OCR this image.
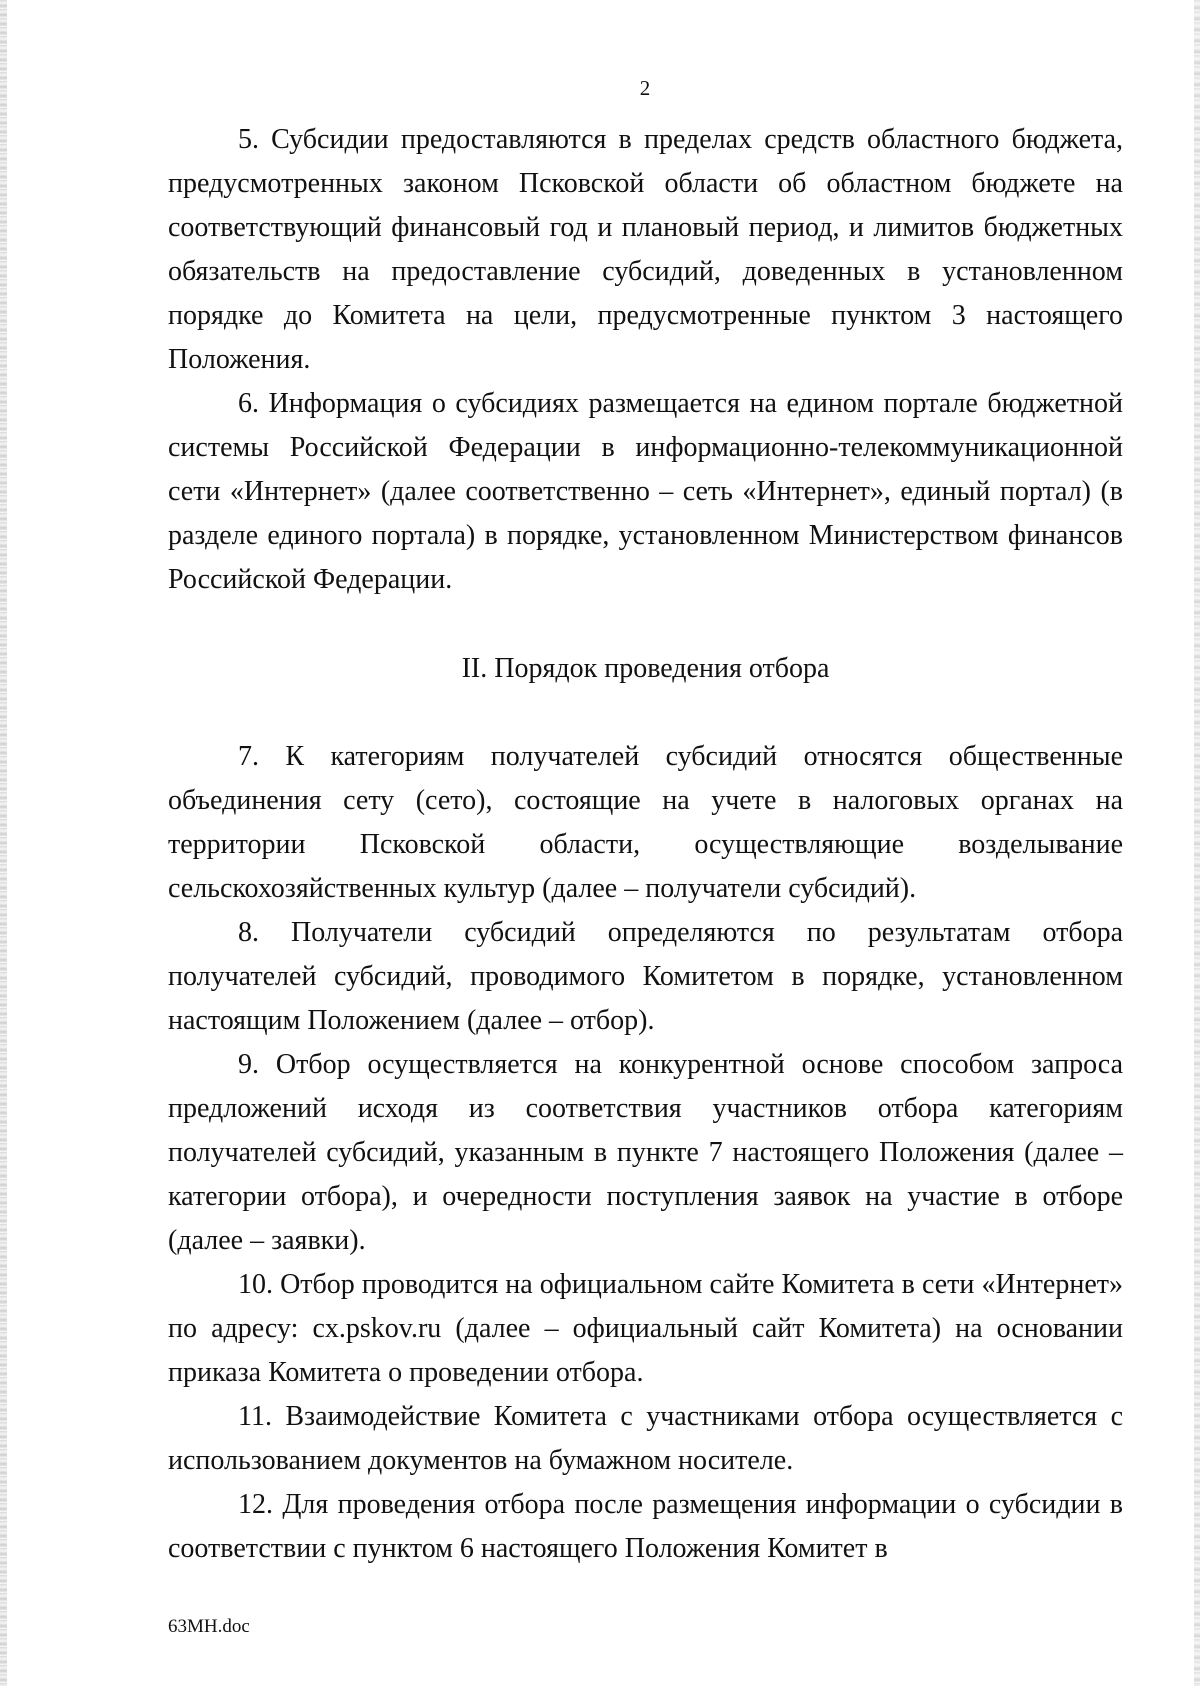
2

5. Субсидии предоставляются в пределах средств областного бюджета, предусмотренных законом Псковской области об областном бюджете на соответствующий финансовый год и плановый период, и лимитов бюджетных обязательств на предоставление субсидий, доведенных в установленном порядке до Комитета на цели, предусмотренные пунктом 3 настоящего Положения.

6. Информация о субсидиях размещается на едином портале бюджетной системы Российской Федерации в информационно-телекоммуникационной сети «Интернет» (далее соответственно – сеть «Интернет», единый портал) (в разделе единого портала) в порядке, установленном Министерством финансов Российской Федерации.

II. Порядок проведения отбора

7. К категориям получателей субсидий относятся общественные объединения сету (сето), состоящие на учете в налоговых органах на территории Псковской области, осуществляющие возделывание сельскохозяйственных культур (далее – получатели субсидий).

8. Получатели субсидий определяются по результатам отбора получателей субсидий, проводимого Комитетом в порядке, установленном настоящим Положением (далее – отбор).

9. Отбор осуществляется на конкурентной основе способом запроса предложений исходя из соответствия участников отбора категориям получателей субсидий, указанным в пункте 7 настоящего Положения (далее – категории отбора), и очередности поступления заявок на участие в отборе (далее – заявки).

10. Отбор проводится на официальном сайте Комитета в сети «Интернет» по адресу: cx.pskov.ru (далее – официальный сайт Комитета) на основании приказа Комитета о проведении отбора.

11. Взаимодействие Комитета с участниками отбора осуществляется с использованием документов на бумажном носителе.

12. Для проведения отбора после размещения информации о субсидии в соответствии с пунктом 6 настоящего Положения Комитет в

63МН.doc
